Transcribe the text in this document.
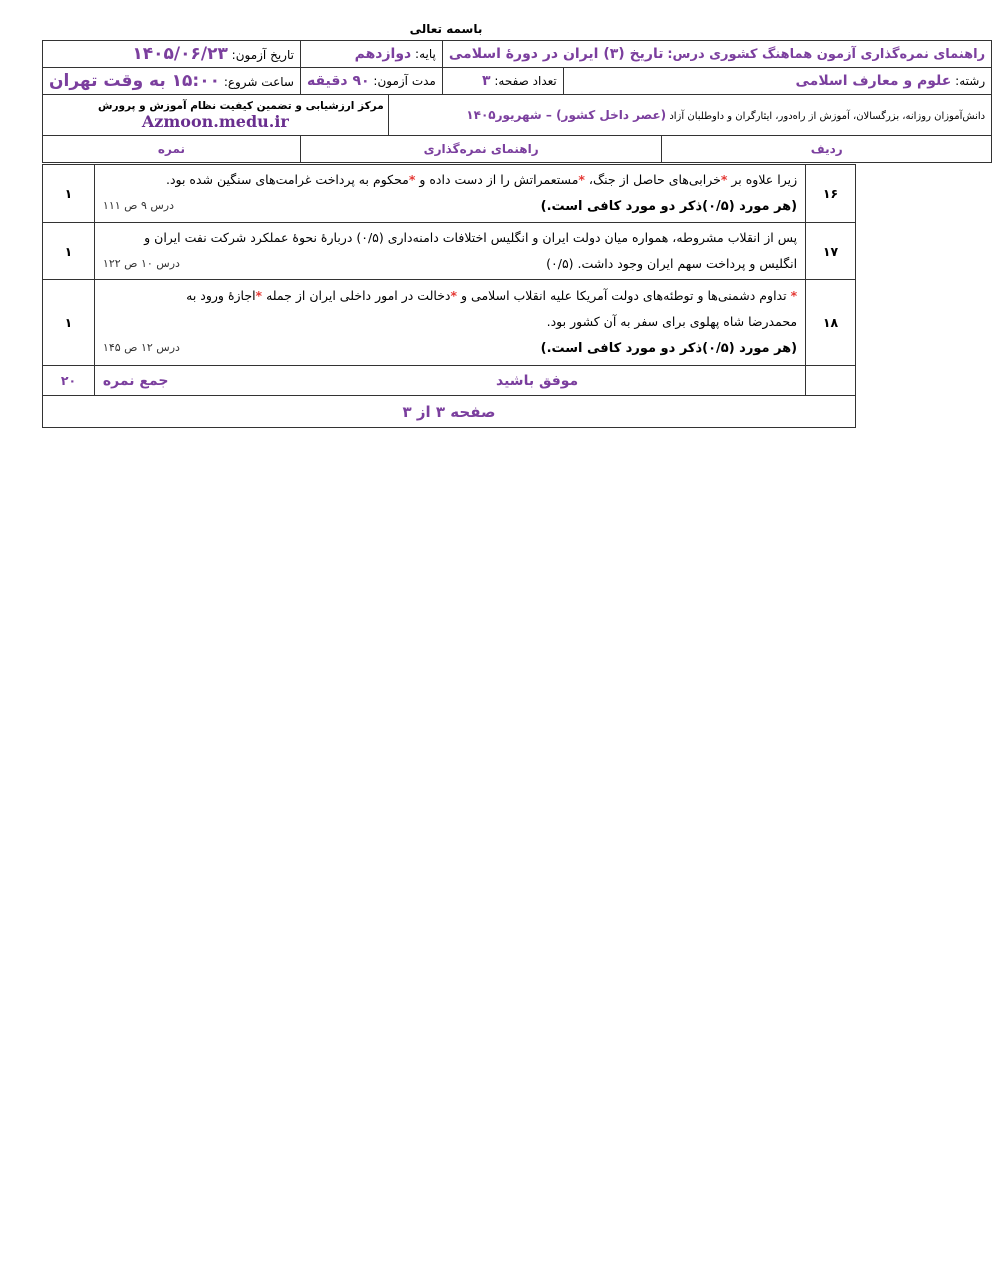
باسمه تعالی
راهنمای نمره‌گذاری آزمون هماهنگ کشوری درس: تاریخ (۳) ایران در دورهٔ اسلامی			پایه: دوازدهم		تاریخ آزمون: ۱۴۰۵/۰۶/۲۳
رشته: علوم و معارف اسلامی		تعداد صفحه: ۳	مدت آزمون: ۹۰ دقیقه		ساعت شروع: ۱۵:۰۰ به وقت تهران
دانش‌آموزان روزانه، بزرگسالان، آموزش از راه‌دور، ایثارگران و داوطلبان آزاد (عصر داخل کشور) – شهریور۱۴۰۵				مرکز ارزشیابی و تضمین کیفیت نظام آموزش و پرورش
Azmoon.medu.ir	

ردیف	راهنمای نمره‌گذاری				نمره
۱۶	زیرا علاوه بر *خرابی‌های حاصل از جنگ، *مستعمراتش را از دست داده و *محکوم به پرداخت غرامت‌های سنگین شده بود.
(هر مورد (۰/۵)ذکر دو مورد کافی است.)
درس ۹ ص ۱۱۱	۱
۱۷	پس از انقلاب مشروطه، همواره میان دولت ایران و انگلیس اختلافات دامنه‌داری (۰/۵) دربارهٔ نحوهٔ عملکرد شرکت نفت ایران و
انگلیس و پرداخت سهم ایران وجود داشت. (۰/۵)
درس ۱۰ ص ۱۲۲	۱
۱۸	* تداوم دشمنی‌ها و توطئه‌های دولت آمریکا علیه انقلاب اسلامی و *دخالت در امور داخلی ایران از جمله *اجازهٔ ورود به
محمدرضا شاه پهلوی برای سفر به آن کشور بود.
(هر مورد (۰/۵)ذکر دو مورد کافی است.)
درس ۱۲ ص ۱۴۵	۱
	موفق باشید
جمع نمره	۲۰
صفحه ۳ از ۳		
